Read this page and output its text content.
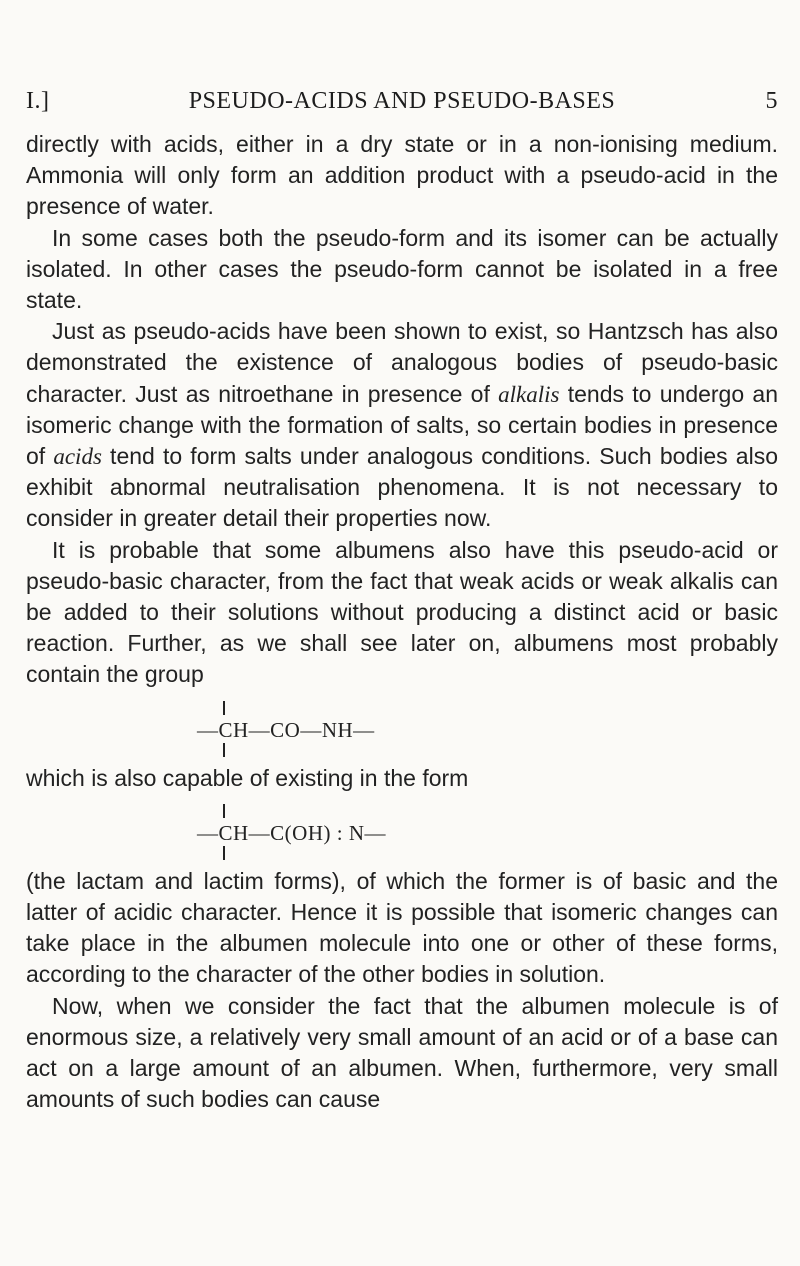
I.]	PSEUDO-ACIDS AND PSEUDO-BASES	5

directly with acids, either in a dry state or in a non-ionising medium. Ammonia will only form an addition product with a pseudo-acid in the presence of water.

In some cases both the pseudo-form and its isomer can be actually isolated. In other cases the pseudo-form cannot be isolated in a free state.

Just as pseudo-acids have been shown to exist, so Hantzsch has also demonstrated the existence of analogous bodies of pseudo-basic character. Just as nitroethane in presence of alkalis tends to undergo an isomeric change with the formation of salts, so certain bodies in presence of acids tend to form salts under analogous conditions. Such bodies also exhibit abnormal neutralisation phenomena. It is not necessary to consider in greater detail their properties now.

It is probable that some albumens also have this pseudo-acid or pseudo-basic character, from the fact that weak acids or weak alkalis can be added to their solutions without producing a distinct acid or basic reaction. Further, as we shall see later on, albumens most probably contain the group

—CH—CO—NH—

which is also capable of existing in the form

—CH—C(OH) : N—

(the lactam and lactim forms), of which the former is of basic and the latter of acidic character. Hence it is possible that isomeric changes can take place in the albumen molecule into one or other of these forms, according to the character of the other bodies in solution.

Now, when we consider the fact that the albumen molecule is of enormous size, a relatively very small amount of an acid or of a base can act on a large amount of an albumen. When, furthermore, very small amounts of such bodies can cause
